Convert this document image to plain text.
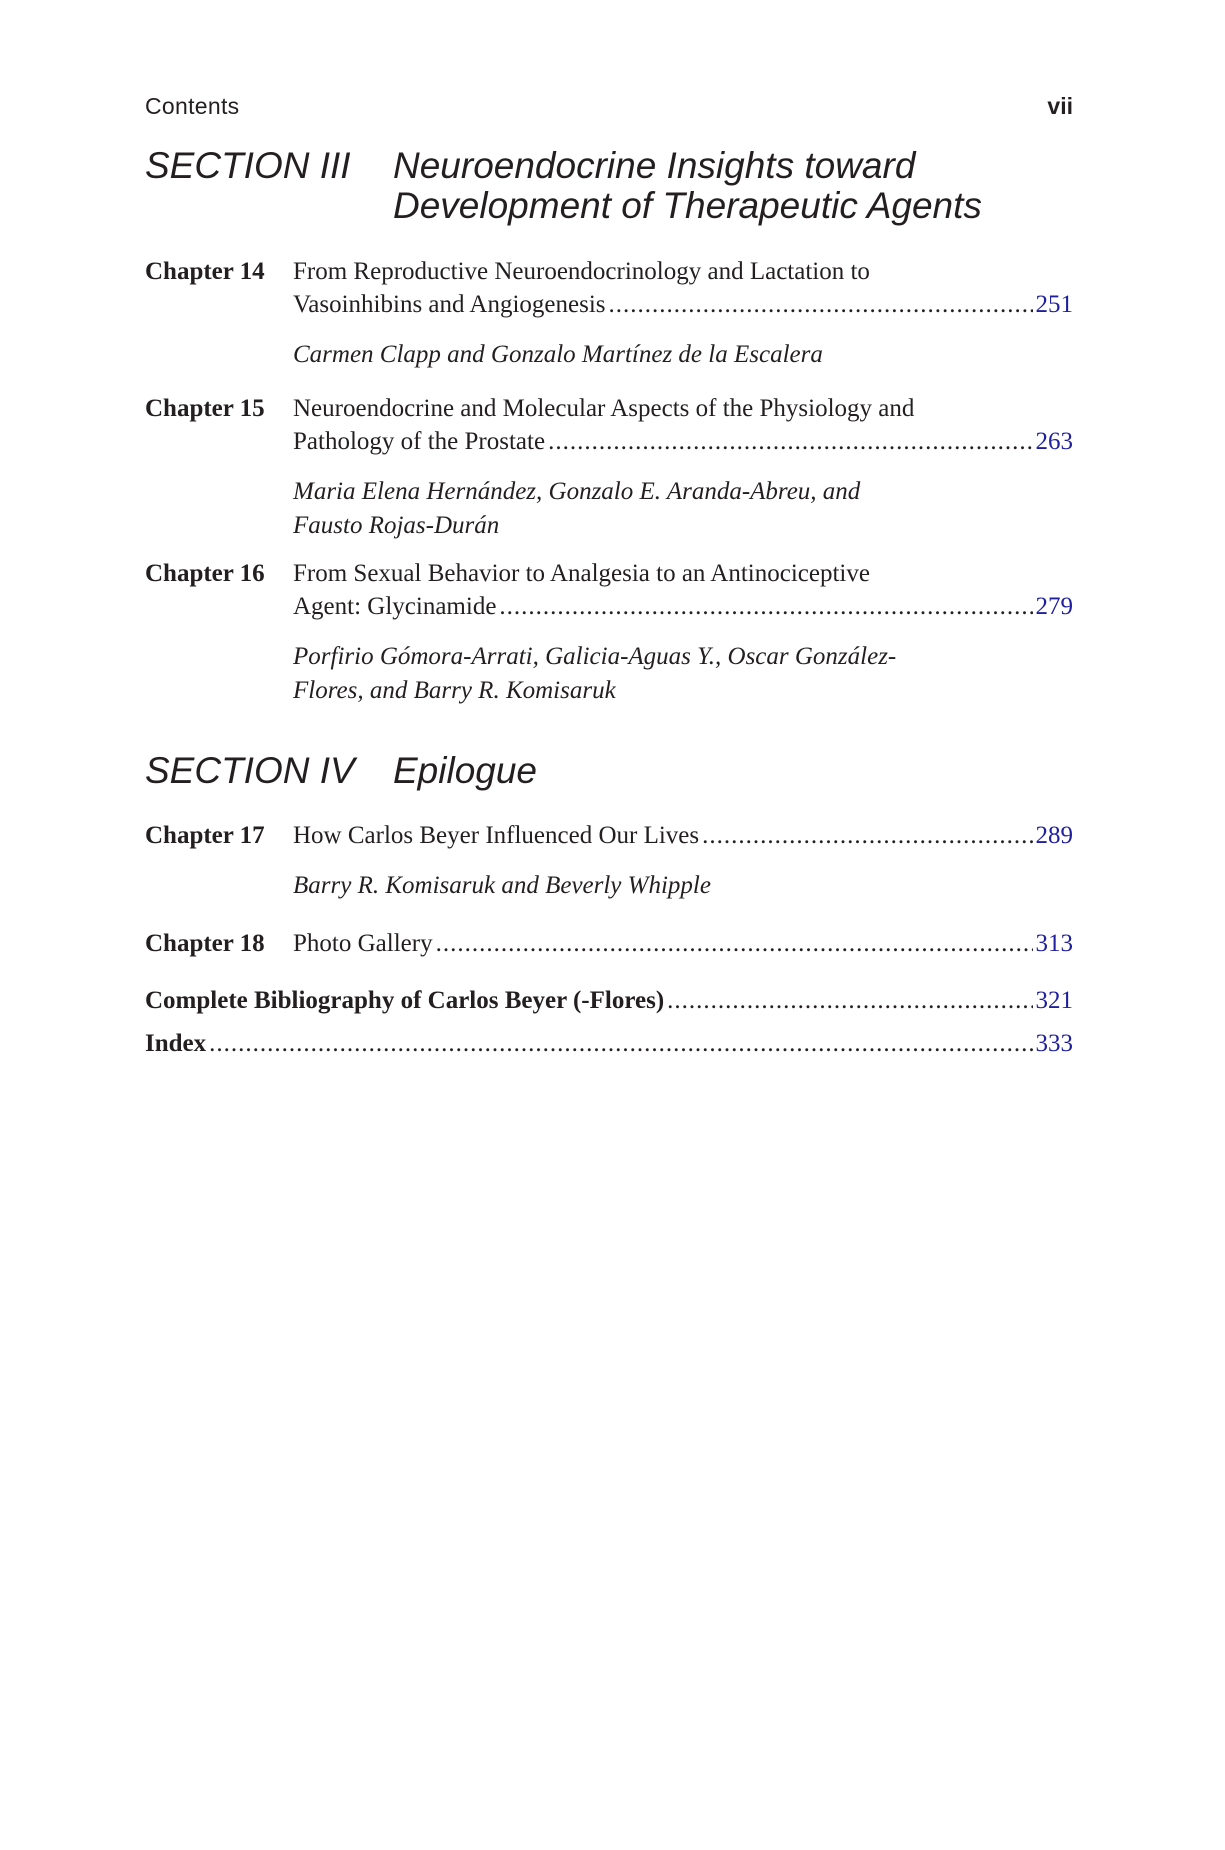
Contents	vii
SECTION III Neuroendocrine Insights toward
Development of Therapeutic Agents
Chapter 14 From Reproductive Neuroendocrinology and Lactation to
Vasoinhibins and Angiogenesis .....	251
Carmen Clapp and Gonzalo Martínez de la Escalera
Chapter 15 Neuroendocrine and Molecular Aspects of the Physiology and
Pathology of the Prostate .....	263
Maria Elena Hernández, Gonzalo E. Aranda-Abreu, and
Fausto Rojas-Durán
Chapter 16 From Sexual Behavior to Analgesia to an Antinociceptive
Agent: Glycinamide .....	279
Porfirio Gómora-Arrati, Galicia-Aguas Y., Oscar González-
Flores, and Barry R. Komisaruk
SECTION IV Epilogue
Chapter 17 How Carlos Beyer Influenced Our Lives .....	289
Barry R. Komisaruk and Beverly Whipple
Chapter 18 Photo Gallery .....	313
Complete Bibliography of Carlos Beyer (-Flores) .....	321
Index .....	333
